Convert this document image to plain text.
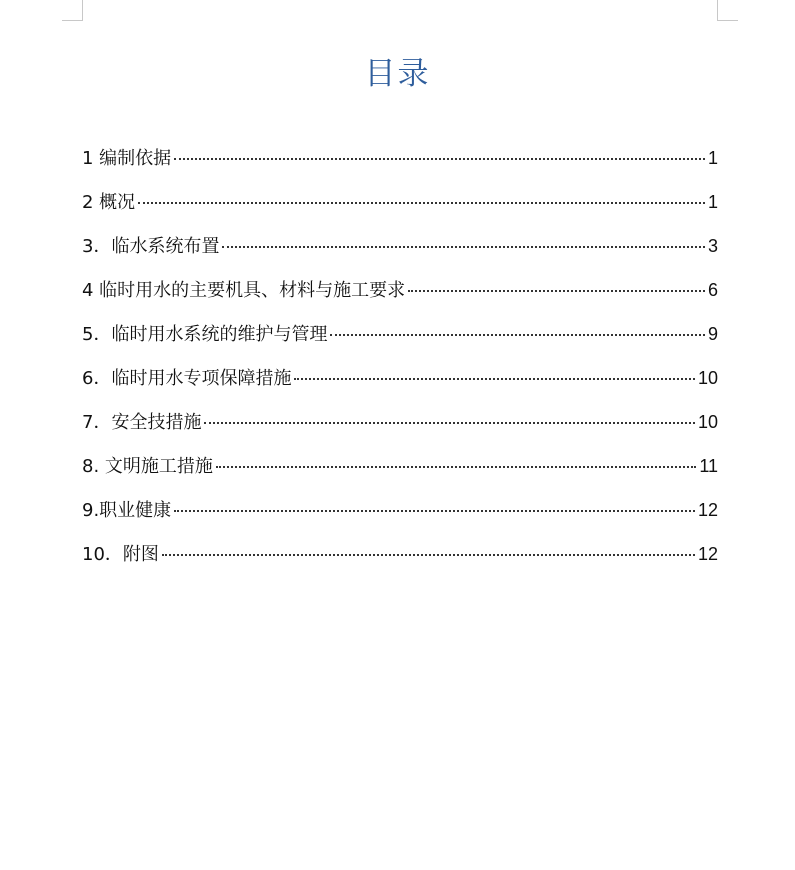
目录
1 编制依据	1
2 概况	1
3．临水系统布置	3
4 临时用水的主要机具、材料与施工要求	6
5．临时用水系统的维护与管理	9
6．临时用水专项保障措施	10
7．安全技措施	10
8. 文明施工措施	11
9.职业健康	12
10．附图	12
